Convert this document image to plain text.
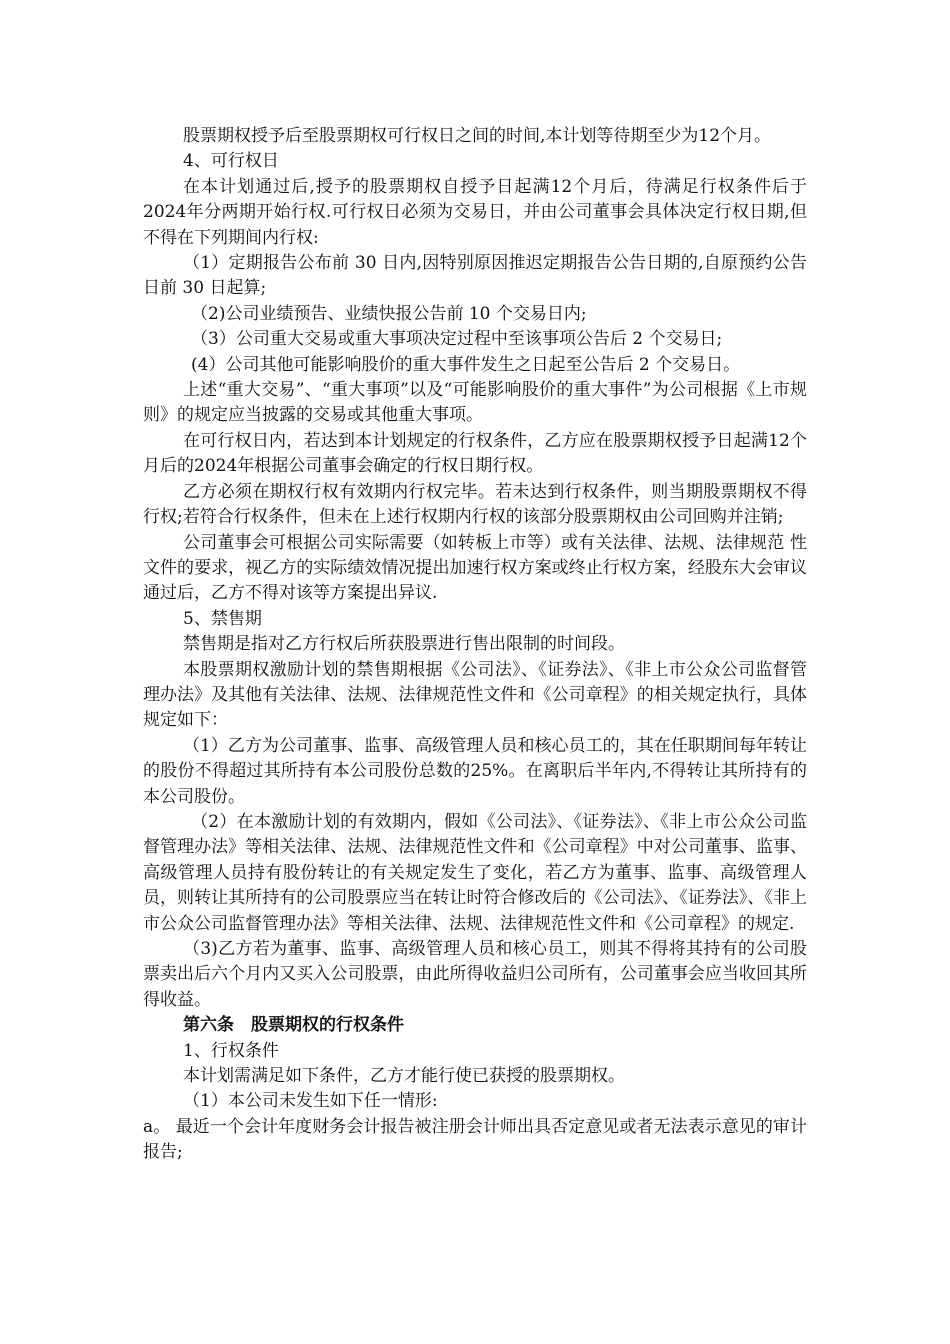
股票期权授予后至股票期权可行权日之间的时间,本计划等待期至少为12个月。

4、可行权日

在本计划通过后,授予的股票期权自授予日起满12个月后，待满足行权条件后于2024年分两期开始行权.可行权日必须为交易日，并由公司董事会具体决定行权日期,但不得在下列期间内行权:

（1）定期报告公布前 30 日内,因特别原因推迟定期报告公告日期的,自原预约公告日前 30 日起算;

（2)公司业绩预告、业绩快报公告前 10 个交易日内;

（3）公司重大交易或重大事项决定过程中至该事项公告后 2 个交易日;

(4）公司其他可能影响股价的重大事件发生之日起至公告后 2 个交易日。

上述“重大交易”、“重大事项”以及“可能影响股价的重大事件”为公司根据《上市规则》的规定应当披露的交易或其他重大事项。

在可行权日内，若达到本计划规定的行权条件，乙方应在股票期权授予日起满12个月后的2024年根据公司董事会确定的行权日期行权。

乙方必须在期权行权有效期内行权完毕。若未达到行权条件，则当期股票期权不得行权;若符合行权条件，但未在上述行权期内行权的该部分股票期权由公司回购并注销;

公司董事会可根据公司实际需要（如转板上市等）或有关法律、法规、法律规范 性文件的要求，视乙方的实际绩效情况提出加速行权方案或终止行权方案，经股东大会审议通过后，乙方不得对该等方案提出异议.

5、禁售期

禁售期是指对乙方行权后所获股票进行售出限制的时间段。

本股票期权激励计划的禁售期根据《公司法》、《证券法》、《非上市公众公司监督管理办法》及其他有关法律、法规、法律规范性文件和《公司章程》的相关规定执行，具体规定如下：

（1）乙方为公司董事、监事、高级管理人员和核心员工的，其在任职期间每年转让的股份不得超过其所持有本公司股份总数的25%。在离职后半年内,不得转让其所持有的本公司股份。

（2）在本激励计划的有效期内，假如《公司法》、《证券法》、《非上市公众公司监督管理办法》等相关法律、法规、法律规范性文件和《公司章程》中对公司董事、监事、高级管理人员持有股份转让的有关规定发生了变化，若乙方为董事、监事、高级管理人员，则转让其所持有的公司股票应当在转让时符合修改后的《公司法》、《证券法》、《非上市公众公司监督管理办法》等相关法律、法规、法律规范性文件和《公司章程》的规定.

（3)乙方若为董事、监事、高级管理人员和核心员工，则其不得将其持有的公司股票卖出后六个月内又买入公司股票，由此所得收益归公司所有，公司董事会应当收回其所得收益。

第六条　股票期权的行权条件

1、行权条件

本计划需满足如下条件，乙方才能行使已获授的股票期权。

（1）本公司未发生如下任一情形:

a。 最近一个会计年度财务会计报告被注册会计师出具否定意见或者无法表示意见的审计报告;
